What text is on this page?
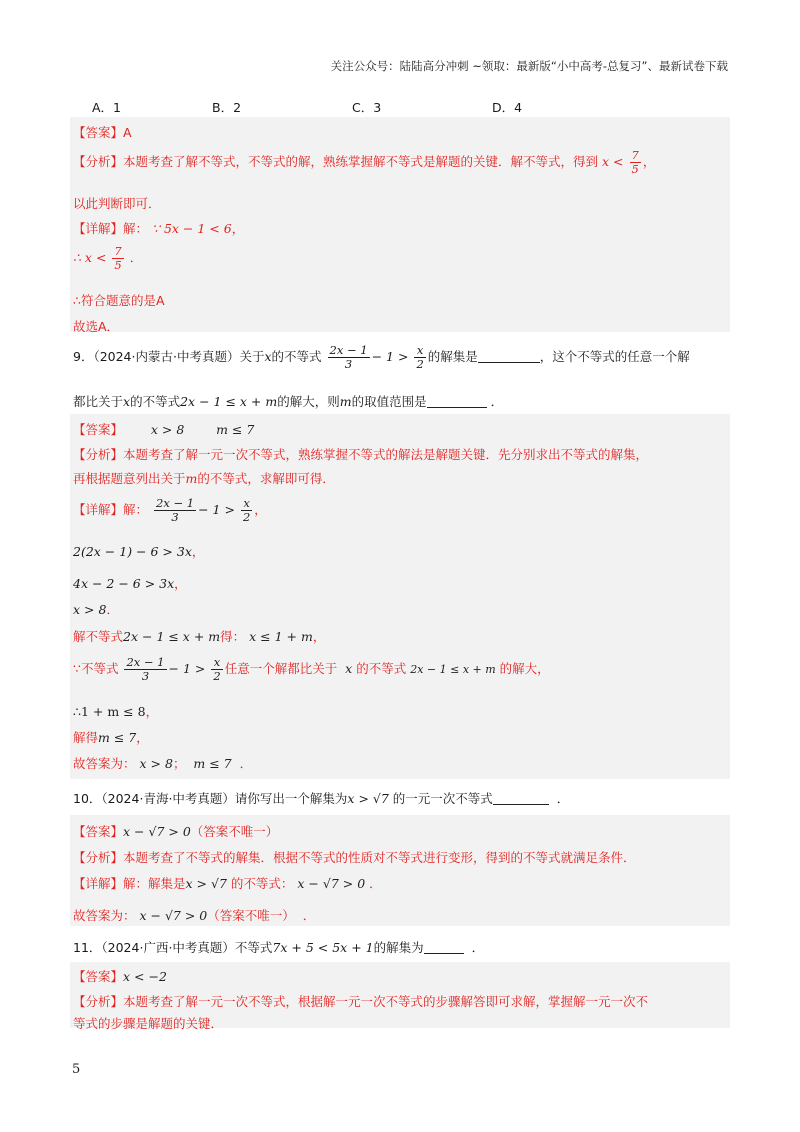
关注公众号：陆陆高分冲刺 ~领取：最新版“小中高考-总复习”、最新试卷下载
A．1	B．2	C．3	D．4
【答案】A
【分析】本题考查了解不等式，不等式的解，熟练掌握解不等式是解题的关键．解不等式，得到 $x < \frac{7}{5}$ ，
以此判断即可．
【详解】解： ∵ 5x − 1 < 6，
∴ $x < \frac{7}{5}$ ．
∴符合题意的是A
故选A．
9．（2024·内蒙古·中考真题）关于x的不等式 $\frac{2x - 1}{3} - 1 > \frac{x}{2}$ 的解集是	，这个不等式的任意一个解
都比关于x的不等式2x − 1 ≤ x + m的解大，则m的取值范围是	．
【答案】 x > 8	m ≤ 7
【分析】本题考查了解一元一次不等式，熟练掌握不等式的解法是解题关键．先分别求出不等式的解集，
再根据题意列出关于m的不等式，求解即可得．
【详解】解： $\frac{2x - 1}{3} - 1 > \frac{x}{2}$ ，
2(2x − 1) − 6 > 3x，
4x − 2 − 6 > 3x，
x > 8．
解不等式2x − 1 ≤ x + m得： x ≤ 1 + m，
∵不等式 $\frac{2x - 1}{3} - 1 > \frac{x}{2}$ 任意一个解都比关于 x 的不等式 2x − 1 ≤ x + m 的解大，
∴1 + m ≤ 8，
解得m ≤ 7，
故答案为： x > 8； m ≤ 7 ．
10．（2024·青海·中考真题）请你写出一个解集为x > √7 的一元一次不等式	．
【答案】x − √7 > 0（答案不唯一）
【分析】本题考查了不等式的解集．根据不等式的性质对不等式进行变形，得到的不等式就满足条件．
【详解】解：解集是x > √7 的不等式： x − √7 > 0 ．
故答案为： x − √7 > 0（答案不唯一） ．
11．（2024·广西·中考真题）不等式7x + 5 < 5x + 1的解集为	．
【答案】x < −2
【分析】本题考查了解一元一次不等式，根据解一元一次不等式的步骤解答即可求解，掌握解一元一次不
等式的步骤是解题的关键．
5
